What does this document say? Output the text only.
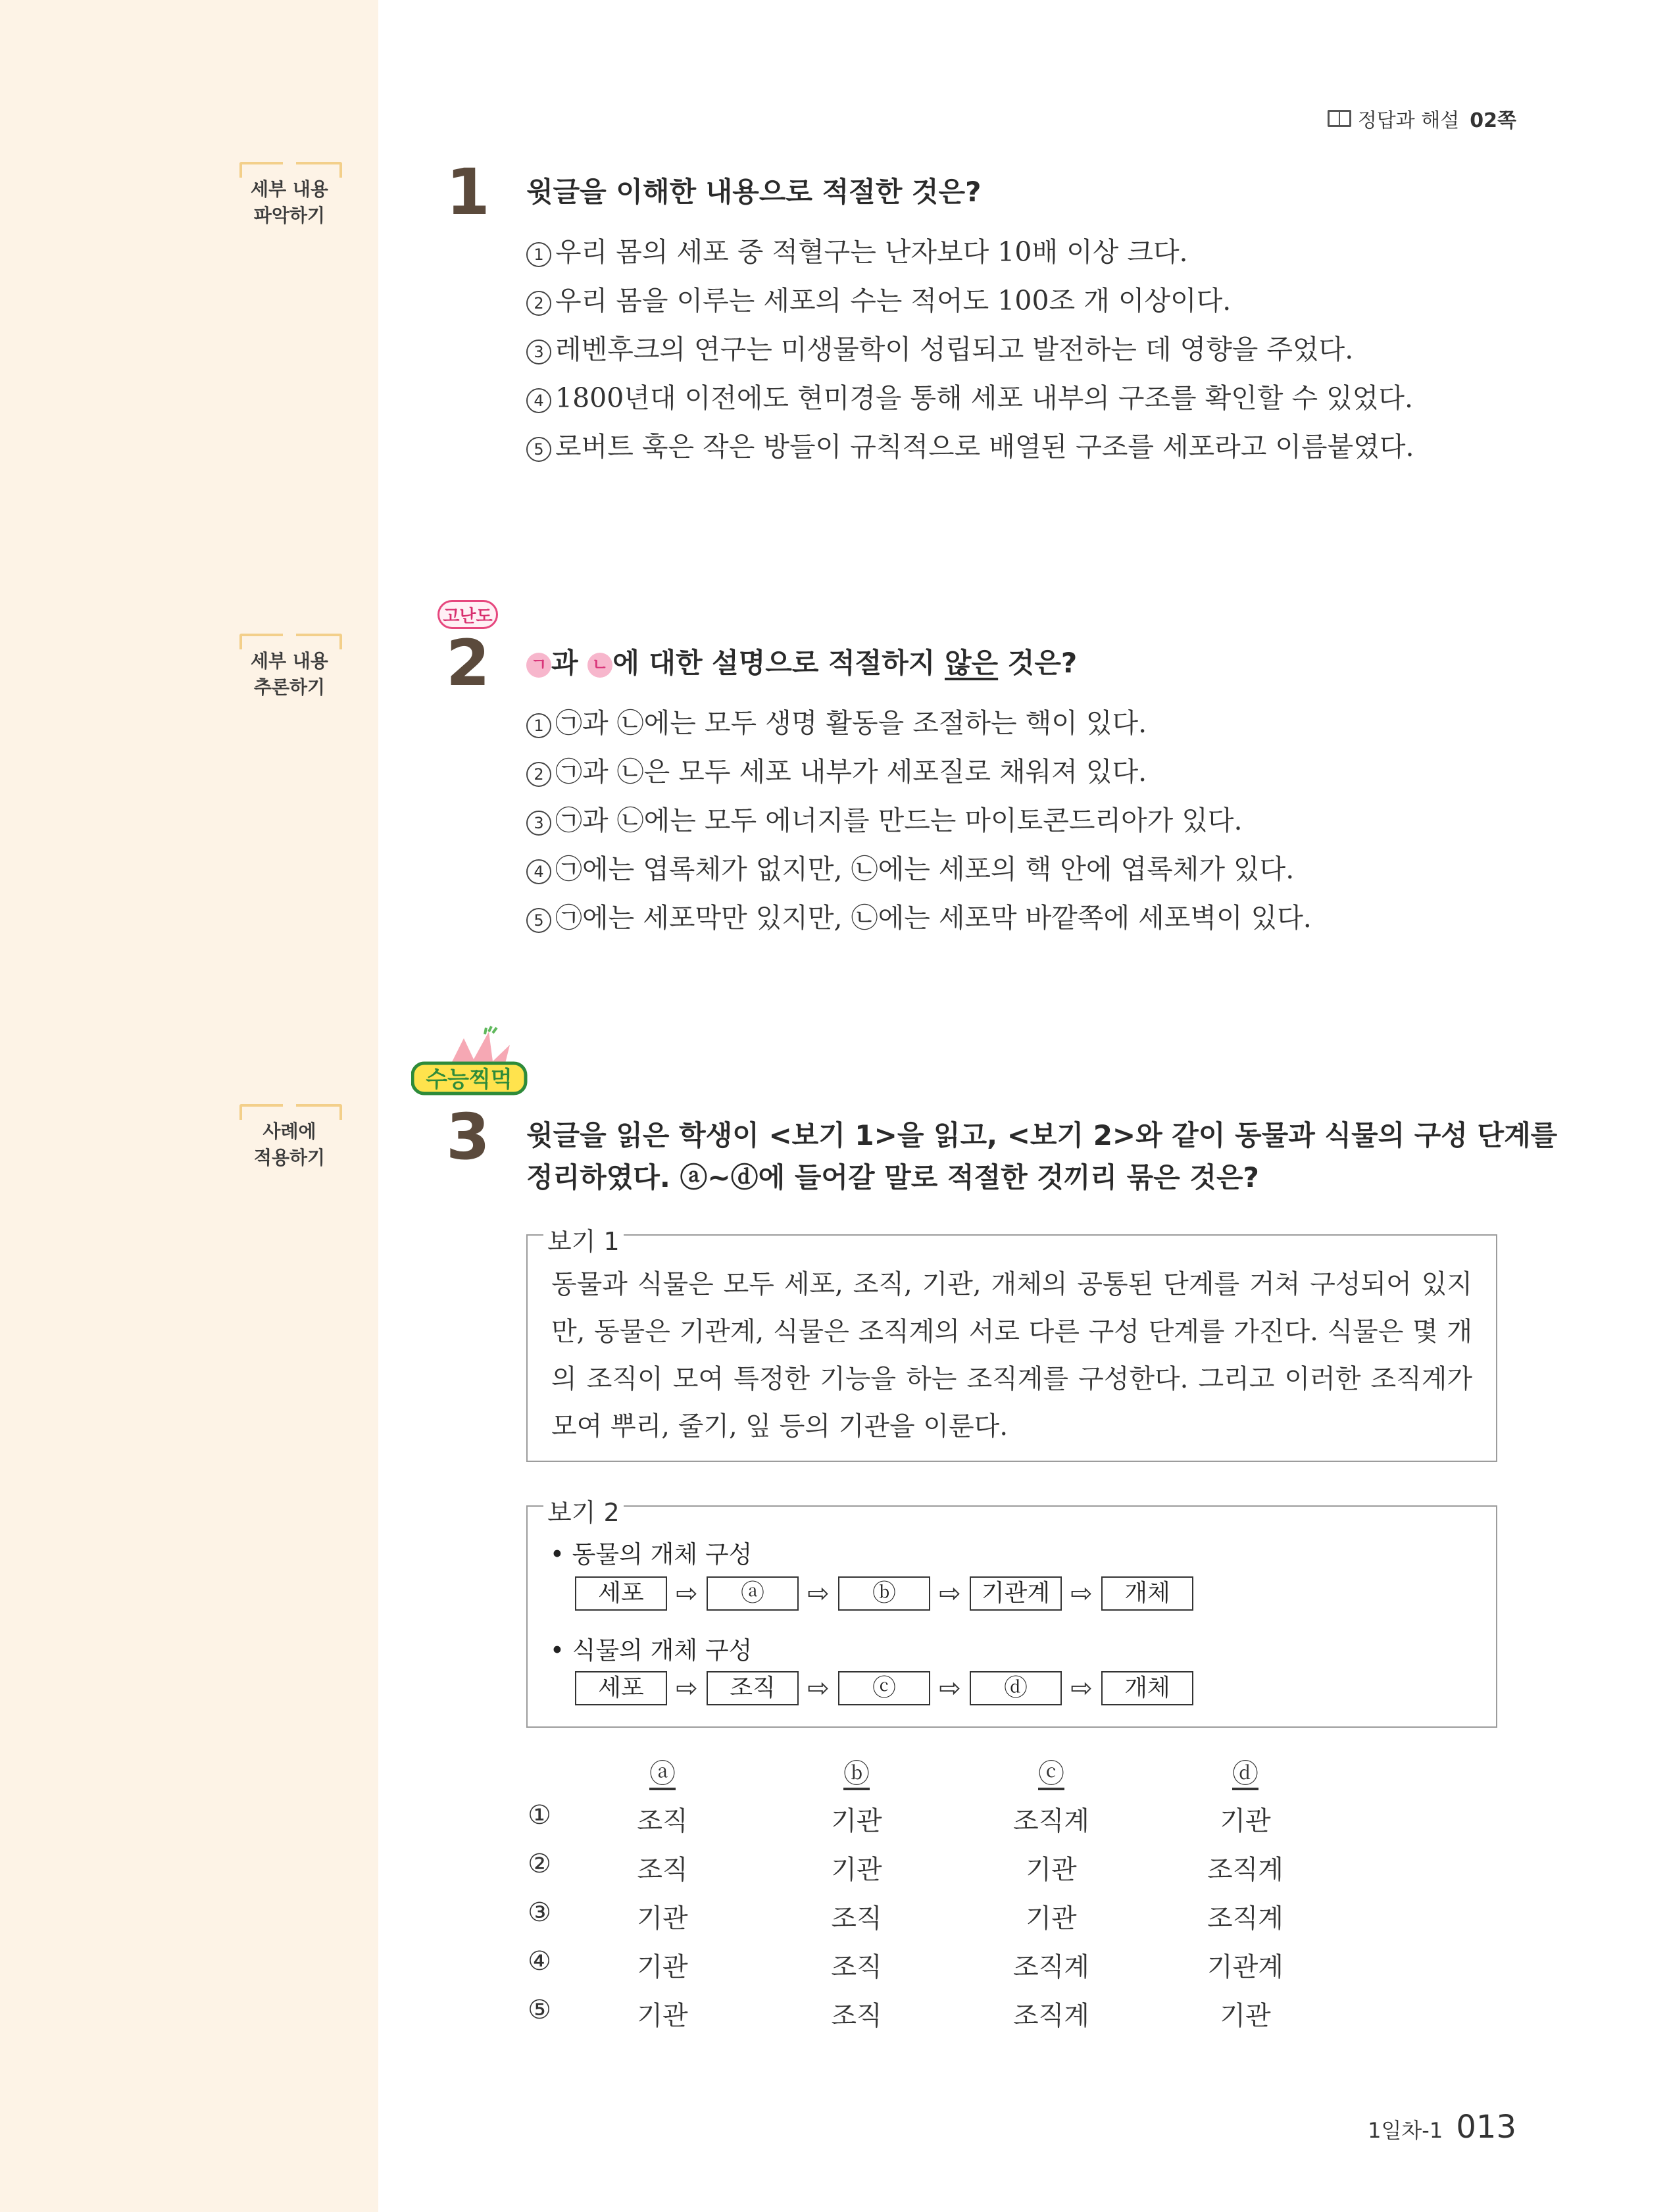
정답과 해설 02쪽
세부 내용
파악하기
세부 내용
추론하기
사례에
적용하기
1 윗글을 이해한 내용으로 적절한 것은?
1 우리 몸의 세포 중 적혈구는 난자보다 10배 이상 크다.
2 우리 몸을 이루는 세포의 수는 적어도 100조 개 이상이다.
3 레벤후크의 연구는 미생물학이 성립되고 발전하는 데 영향을 주었다.
4 1800년대 이전에도 현미경을 통해 세포 내부의 구조를 확인할 수 있었다.
5 로버트 훅은 작은 방들이 규칙적으로 배열된 구조를 세포라고 이름붙였다.
고난도
2 ㄱ 과 ㄴ 에 대한 설명으로 적절하지 않은 것은?
1 ㉠과 ㉡에는 모두 생명 활동을 조절하는 핵이 있다.
2 ㉠과 ㉡은 모두 세포 내부가 세포질로 채워져 있다.
3 ㉠과 ㉡에는 모두 에너지를 만드는 마이토콘드리아가 있다.
4 ㉠에는 엽록체가 없지만, ㉡에는 세포의 핵 안에 엽록체가 있다.
5 ㉠에는 세포막만 있지만, ㉡에는 세포막 바깥쪽에 세포벽이 있다.
수능찍먹
3 윗글을 읽은 학생이 <보기 1>을 읽고, <보기 2>와 같이 동물과 식물의 구성 단계를
정리하였다. ⓐ~ⓓ에 들어갈 말로 적절한 것끼리 묶은 것은?
보기 1
동물과 식물은 모두 세포, 조직, 기관, 개체의 공통된 단계를 거쳐 구성되어 있지만, 동물은 기관계, 식물은 조직계의 서로 다른 구성 단계를 가진다. 식물은 몇 개의 조직이 모여 특정한 기능을 하는 조직계를 구성한다. 그리고 이러한 조직계가 모여 뿌리, 줄기, 잎 등의 기관을 이룬다.
보기 2
• 동물의 개체 구성
세포	⇨	ⓐ	⇨	ⓑ	⇨ 기관계 ⇨	개체
• 식물의 개체 구성
세포	⇨	조직	⇨	ⓒ	⇨	ⓓ	⇨	개체
ⓐ	ⓑ	ⓒ	ⓓ
①	조직	기관	조직계	기관
②	조직	기관	기관	조직계
③	기관	조직	기관	조직계
④	기관	조직	조직계	기관계
⑤	기관	조직	조직계	기관
1일차-1 013
